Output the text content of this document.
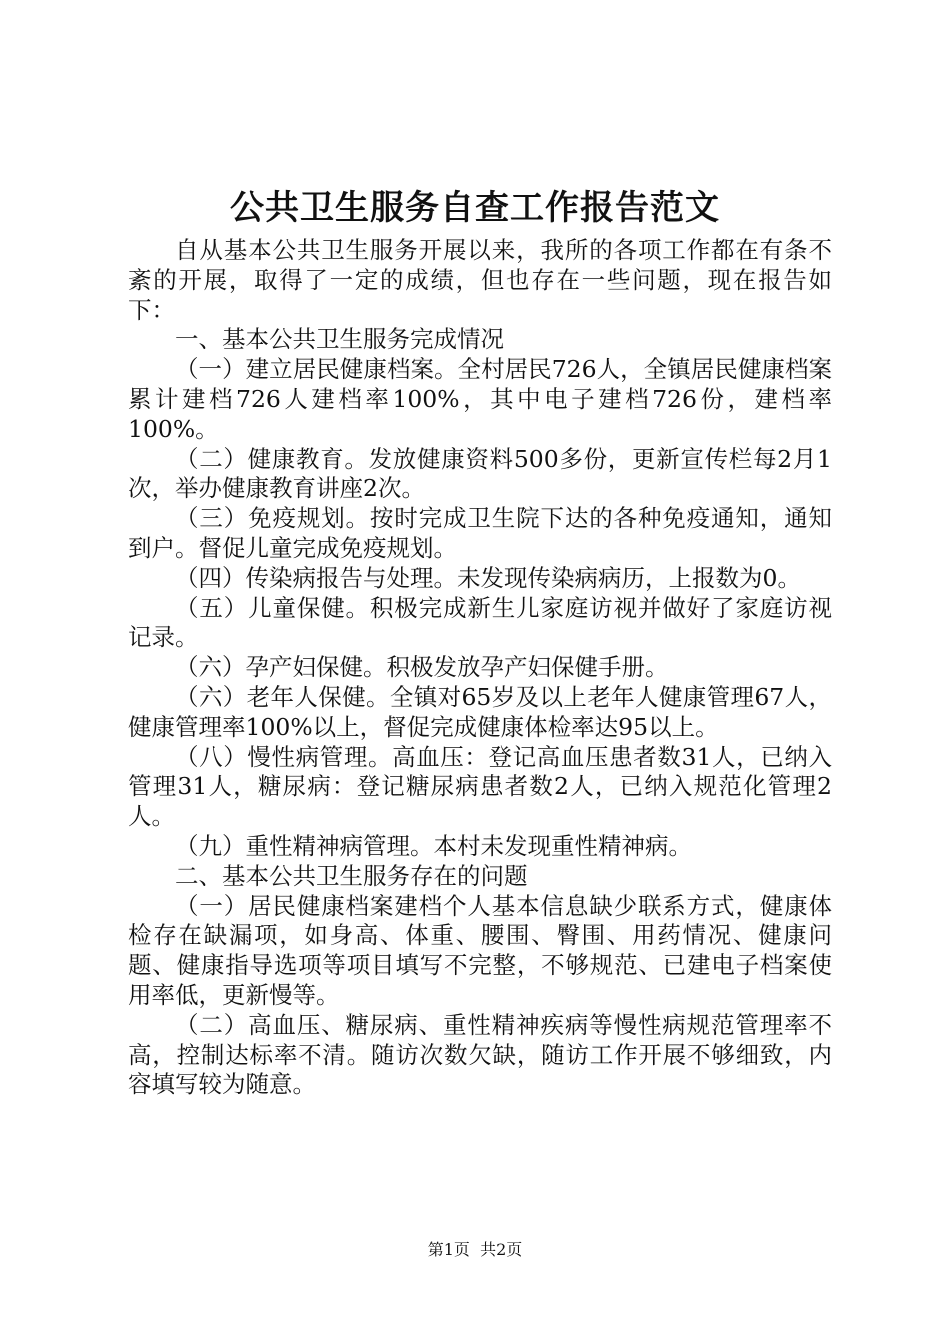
公共卫生服务自查工作报告范文

自从基本公共卫生服务开展以来，我所的各项工作都在有条不紊的开展，取得了一定的成绩，但也存在一些问题，现在报告如下：

一、基本公共卫生服务完成情况

（一）建立居民健康档案。全村居民726人，全镇居民健康档案累计建档726人建档率100%，其中电子建档726份，建档率100%。

（二）健康教育。发放健康资料500多份，更新宣传栏每2月1次，举办健康教育讲座2次。

（三）免疫规划。按时完成卫生院下达的各种免疫通知，通知到户。督促儿童完成免疫规划。

（四）传染病报告与处理。未发现传染病病历，上报数为0。

（五）儿童保健。积极完成新生儿家庭访视并做好了家庭访视记录。

（六）孕产妇保健。积极发放孕产妇保健手册。

（六）老年人保健。全镇对65岁及以上老年人健康管理67人，健康管理率100%以上，督促完成健康体检率达95以上。

（八）慢性病管理。高血压：登记高血压患者数31人，已纳入管理31人，糖尿病：登记糖尿病患者数2人，已纳入规范化管理2人。

（九）重性精神病管理。本村未发现重性精神病。

二、基本公共卫生服务存在的问题

（一）居民健康档案建档个人基本信息缺少联系方式，健康体检存在缺漏项，如身高、体重、腰围、臀围、用药情况、健康问题、健康指导选项等项目填写不完整，不够规范、已建电子档案使用率低，更新慢等。

（二）高血压、糖尿病、重性精神疾病等慢性病规范管理率不高，控制达标率不清。随访次数欠缺，随访工作开展不够细致，内容填写较为随意。

第1页 共2页
